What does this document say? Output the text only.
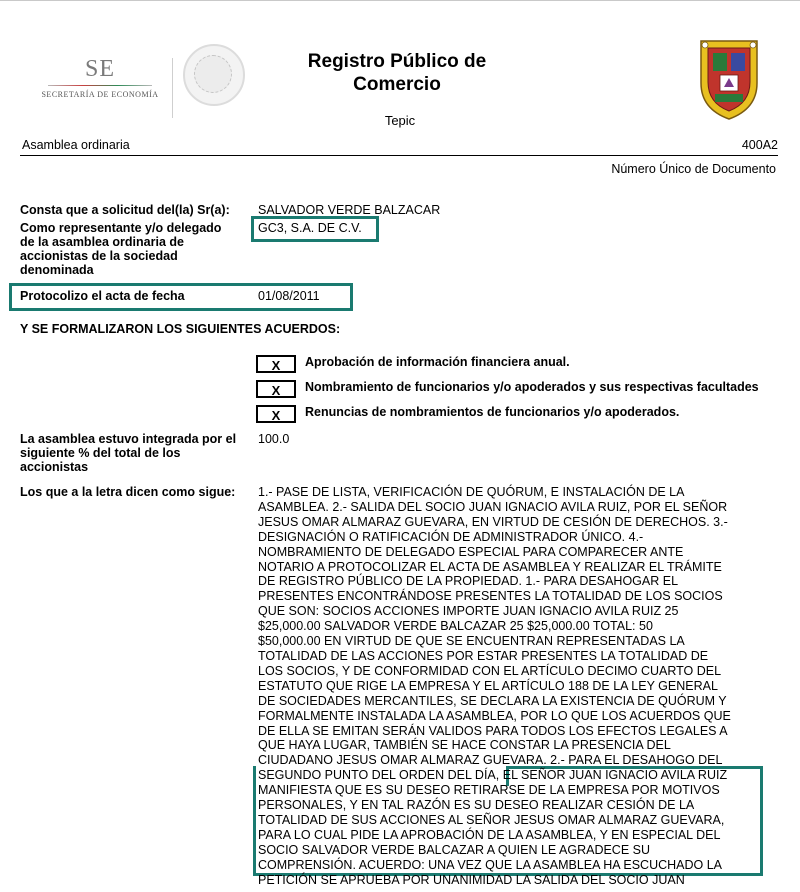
SE
SECRETARÍA DE ECONOMÍA
Registro Público de
Comercio
Tepic
Asamblea ordinaria	400A2
Número Único de Documento
Consta que a solicitud del(la) Sr(a): SALVADOR VERDE BALZACAR
Como representante y/o delegado
de la asamblea ordinaria de
accionistas de la sociedad
denominada
GC3, S.A. DE C.V.
Protocolizo el acta de fecha	01/08/2011
Y SE FORMALIZARON LOS SIGUIENTES ACUERDOS:
X	Aprobación de información financiera anual.
X	Nombramiento de funcionarios y/o apoderados y sus respectivas facultades
X	Renuncias de nombramientos de funcionarios y/o apoderados.
La asamblea estuvo integrada por el
siguiente % del total de los
accionistas
100.0
Los que a la letra dicen como sigue: 1.- PASE DE LISTA, VERIFICACIÓN DE QUÓRUM, E INSTALACIÓN DE LA
ASAMBLEA. 2.- SALIDA DEL SOCIO JUAN IGNACIO AVILA RUIZ, POR EL SEÑOR
JESUS OMAR ALMARAZ GUEVARA, EN VIRTUD DE CESIÓN DE DERECHOS. 3.-
DESIGNACIÓN O RATIFICACIÓN DE ADMINISTRADOR ÚNICO. 4.-
NOMBRAMIENTO DE DELEGADO ESPECIAL PARA COMPARECER ANTE
NOTARIO A PROTOCOLIZAR EL ACTA DE ASAMBLEA Y REALIZAR EL TRÁMITE
DE REGISTRO PÚBLICO DE LA PROPIEDAD. 1.- PARA DESAHOGAR EL
PRESENTES ENCONTRÁNDOSE PRESENTES LA TOTALIDAD DE LOS SOCIOS
QUE SON: SOCIOS ACCIONES IMPORTE JUAN IGNACIO AVILA RUIZ 25
$25,000.00 SALVADOR VERDE BALCAZAR 25 $25,000.00 TOTAL: 50
$50,000.00 EN VIRTUD DE QUE SE ENCUENTRAN REPRESENTADAS LA
TOTALIDAD DE LAS ACCIONES POR ESTAR PRESENTES LA TOTALIDAD DE
LOS SOCIOS, Y DE CONFORMIDAD CON EL ARTÍCULO DECIMO CUARTO DEL
ESTATUTO QUE RIGE LA EMPRESA Y EL ARTÍCULO 188 DE LA LEY GENERAL
DE SOCIEDADES MERCANTILES, SE DECLARA LA EXISTENCIA DE QUÓRUM Y
FORMALMENTE INSTALADA LA ASAMBLEA, POR LO QUE LOS ACUERDOS QUE
DE ELLA SE EMITAN SERÁN VALIDOS PARA TODOS LOS EFECTOS LEGALES A
QUE HAYA LUGAR, TAMBIÉN SE HACE CONSTAR LA PRESENCIA DEL
CIUDADANO JESUS OMAR ALMARAZ GUEVARA. 2.- PARA EL DESAHOGO DEL
SEGUNDO PUNTO DEL ORDEN DEL DÍA, EL SEÑOR JUAN IGNACIO AVILA RUIZ
MANIFIESTA QUE ES SU DESEO RETIRARSE DE LA EMPRESA POR MOTIVOS
PERSONALES, Y EN TAL RAZÓN ES SU DESEO REALIZAR CESIÓN DE LA
TOTALIDAD DE SUS ACCIONES AL SEÑOR JESUS OMAR ALMARAZ GUEVARA,
PARA LO CUAL PIDE LA APROBACIÓN DE LA ASAMBLEA, Y EN ESPECIAL DEL
SOCIO SALVADOR VERDE BALCAZAR A QUIEN LE AGRADECE SU
COMPRENSIÓN. ACUERDO: UNA VEZ QUE LA ASAMBLEA HA ESCUCHADO LA
PETICIÓN SE APRUEBA POR UNANIMIDAD LA SALIDA DEL SOCIO JUAN
